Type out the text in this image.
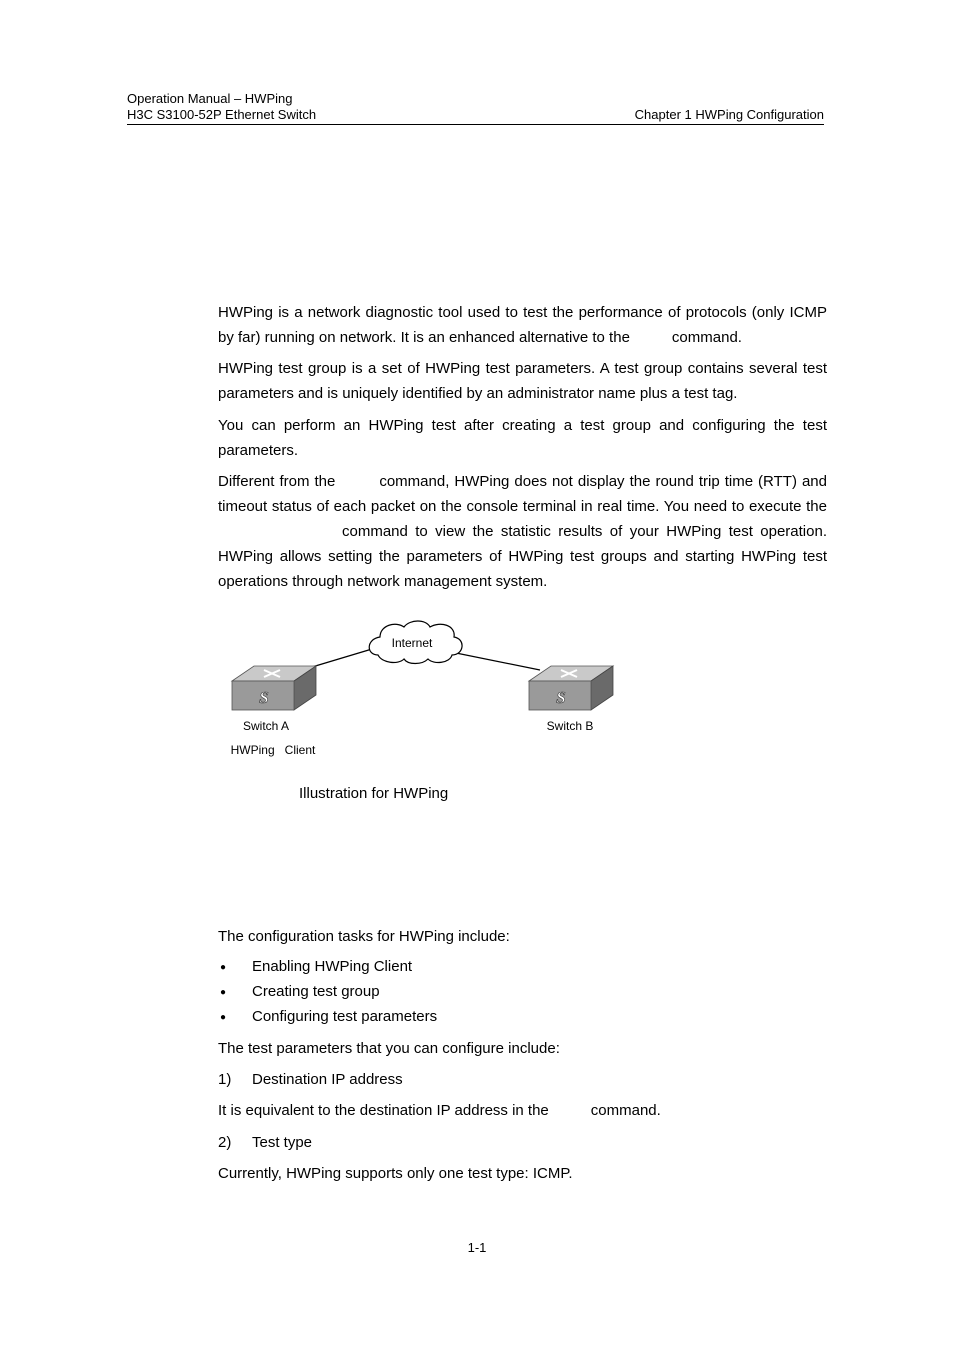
Operation Manual – HWPing
H3C S3100-52P Ethernet Switch	Chapter 1 HWPing Configuration

HWPing is a network diagnostic tool used to test the performance of protocols (only ICMP by far) running on network. It is an enhanced alternative to the	command.

HWPing test group is a set of HWPing test parameters. A test group contains several test parameters and is uniquely identified by an administrator name plus a test tag.

You can perform an HWPing test after creating a test group and configuring the test parameters.

Different from the	command, HWPing does not display the round trip time (RTT) and timeout status of each packet on the console terminal in real time. You need to execute thecommand to view the statistic results of your HWPing test operation. HWPing allows setting the parameters of HWPing test groups and starting HWPing test operations through network management system.

Internet
S	S
Switch A
HWPing   Client
Switch B
Illustration for HWPing
The configuration tasks for HWPing include:
● Enabling HWPing Client
● Creating test group
● Configuring test parameters
The test parameters that you can configure include:
1) Destination IP address
It is equivalent to the destination IP address in the	command.
2) Test type
Currently, HWPing supports only one test type: ICMP.
1-1
